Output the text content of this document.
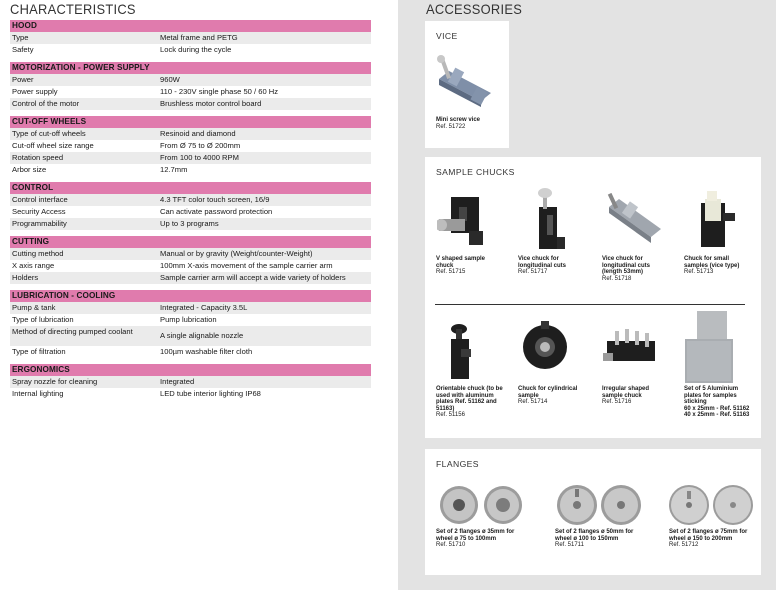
CHARACTERISTICS
HOOD
Type	Metal frame and PETG
Safety	Lock during the cycle
MOTORIZATION - POWER SUPPLY
Power	960W
Power supply	110 - 230V single phase 50 / 60 Hz
Control of the motor	Brushless motor control board
CUT-OFF WHEELS
Type of cut-off wheels	Resinoid and diamond
Cut-off wheel size range	From Ø 75 to Ø 200mm
Rotation speed	From 100 to 4000 RPM
Arbor size	12.7mm
CONTROL
Control interface	4.3 TFT color touch screen, 16/9
Security Access	Can activate password protection
Programmability	Up to 3 programs
CUTTING
Cutting method	Manual or by gravity (Weight/counter-Weight)
X axis range	100mm X-axis movement of the sample carrier arm
Holders	Sample carrier arm will accept a wide variety of holders
LUBRICATION - COOLING
Pump & tank	Integrated - Capacity 3.5L
Type of lubrication	Pump lubrication
Method of directing pumped coolant	A single alignable nozzle
Type of filtration	100µm washable filter cloth
ERGONOMICS
Spray nozzle for cleaning	Integrated
Internal lighting	LED tube interior lighting IP68
ACCESSORIES
VICE
Mini screw vice
Ref. 51722
SAMPLE CHUCKS
V shaped sample chuck
Ref. 51715
Vice chuck for longitudinal cuts
Ref. 51717
Vice chuck for longitudinal cuts (length 53mm)
Ref. 51718
Chuck for small samples (vice type)
Ref. 51713
Orientable chuck (to be used with aluminum plates Ref. 51162 and 51163)
Ref. 51156
Chuck for cylindrical sample
Ref. 51714
Irregular shaped sample chuck
Ref. 51716
Set of 5 Aluminium plates for samples sticking
60 x 25mm - Ref. 51162
40 x 25mm - Ref. 51163
FLANGES
Set of 2 flanges ø 35mm for wheel ø 75 to 100mm
Ref. 51710
Set of 2 flanges ø 50mm for wheel ø 100 to 150mm
Ref. 51711
Set of 2 flanges ø 75mm for wheel ø 150 to 200mm
Ref. 51712
